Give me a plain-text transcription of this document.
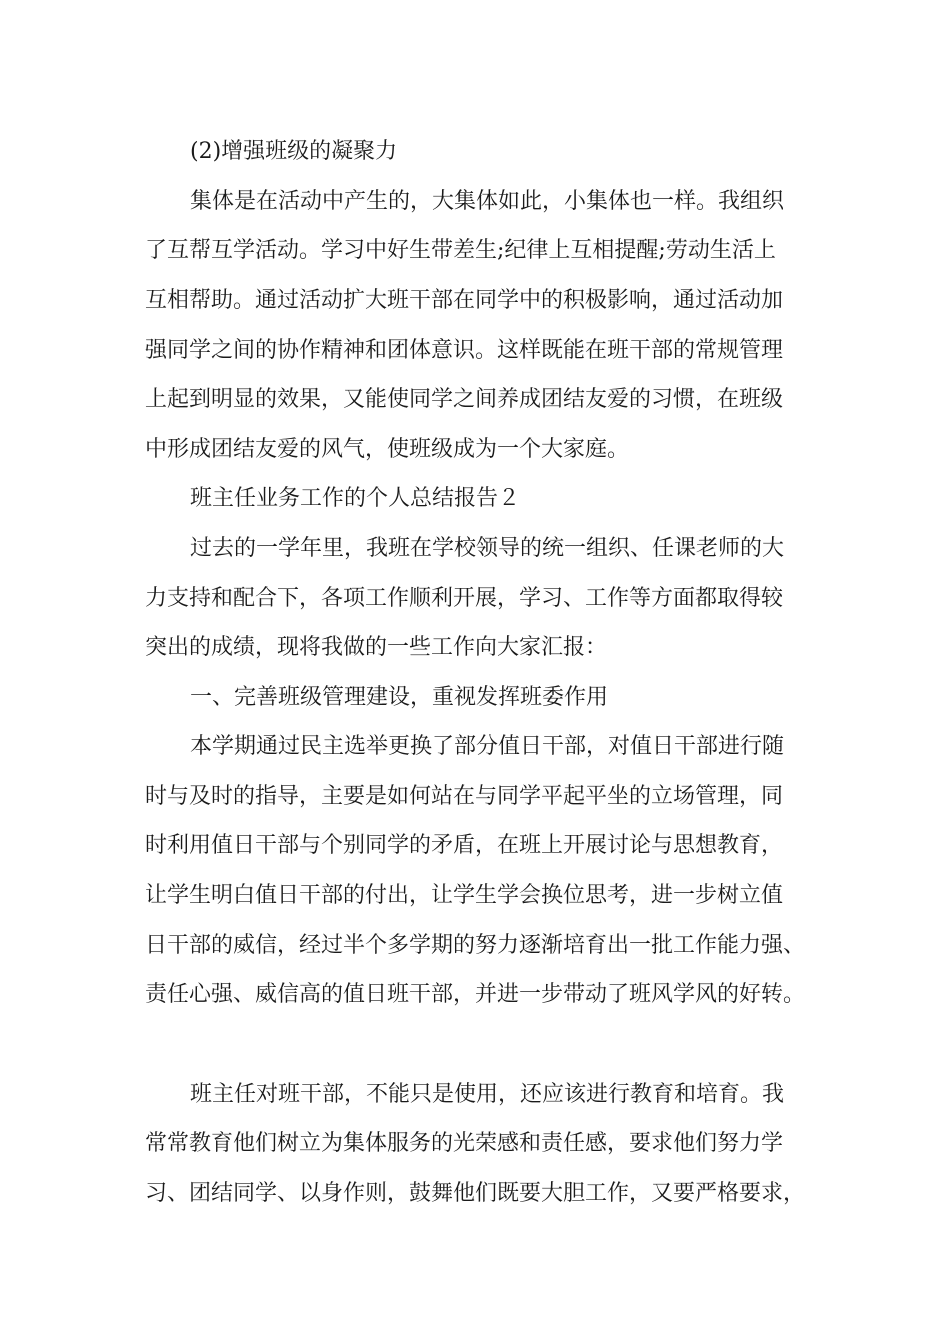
(2)增强班级的凝聚力

集体是在活动中产生的，大集体如此，小集体也一样。我组织

了互帮互学活动。学习中好生带差生;纪律上互相提醒;劳动生活上

互相帮助。通过活动扩大班干部在同学中的积极影响，通过活动加

强同学之间的协作精神和团体意识。这样既能在班干部的常规管理

上起到明显的效果，又能使同学之间养成团结友爱的习惯，在班级

中形成团结友爱的风气，使班级成为一个大家庭。

班主任业务工作的个人总结报告２

过去的一学年里，我班在学校领导的统一组织、任课老师的大

力支持和配合下，各项工作顺利开展，学习、工作等方面都取得较

突出的成绩，现将我做的一些工作向大家汇报：

一、完善班级管理建设，重视发挥班委作用

本学期通过民主选举更换了部分值日干部，对值日干部进行随

时与及时的指导，主要是如何站在与同学平起平坐的立场管理，同

时利用值日干部与个别同学的矛盾，在班上开展讨论与思想教育，

让学生明白值日干部的付出，让学生学会换位思考，进一步树立值

日干部的威信，经过半个多学期的努力逐渐培育出一批工作能力强、

责任心强、威信高的值日班干部，并进一步带动了班风学风的好转。

班主任对班干部，不能只是使用，还应该进行教育和培育。我

常常教育他们树立为集体服务的光荣感和责任感，要求他们努力学

习、团结同学、以身作则，鼓舞他们既要大胆工作，又要严格要求，
